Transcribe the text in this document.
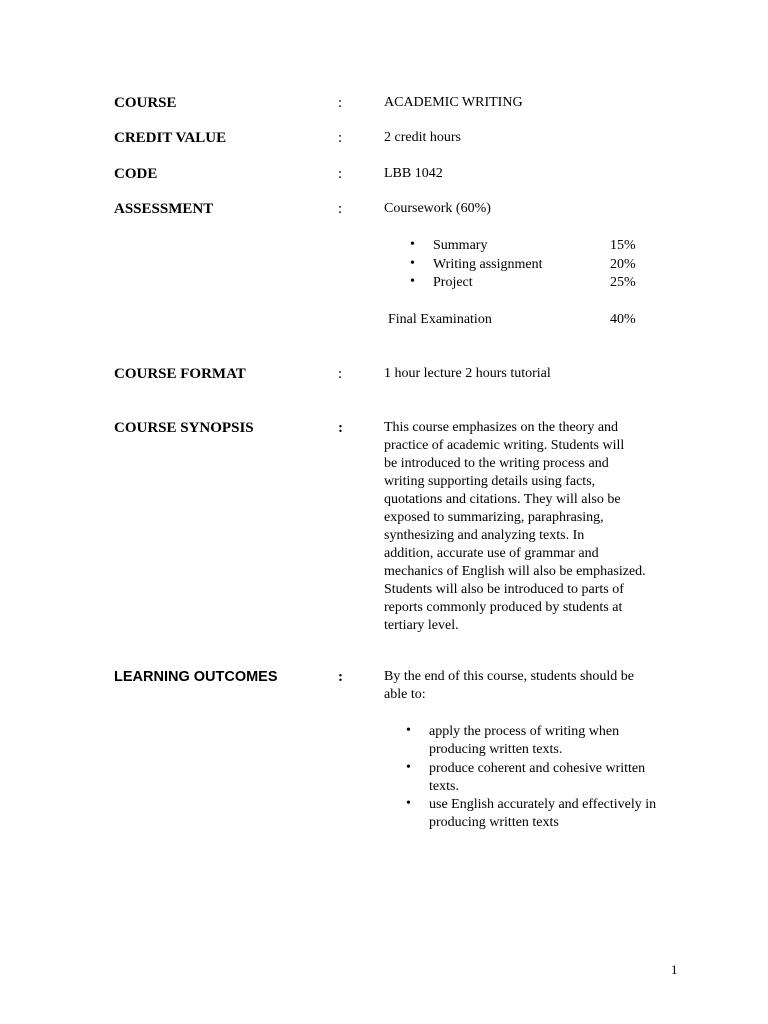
COURSE	:	ACADEMIC WRITING
CREDIT VALUE	:	2 credit hours
CODE	:	LBB 1042
ASSESSMENT	:	Coursework (60%)
• Summary	15%
• Writing assignment	20%
• Project	25%
Final Examination	40%
COURSE FORMAT	:	1 hour lecture 2 hours tutorial
COURSE SYNOPSIS	:	This course emphasizes on the theory and
practice of academic writing. Students will
be introduced to the writing process and
writing supporting details using facts,
quotations and citations. They will also be
exposed to summarizing, paraphrasing,
synthesizing and analyzing texts. In
addition, accurate use of grammar and
mechanics of English will also be emphasized.
Students will also be introduced to parts of
reports commonly produced by students at
tertiary level.
LEARNING OUTCOMES	:	By the end of this course, students should be
able to:
• apply the process of writing when
producing written texts.
• produce coherent and cohesive written
texts.
• use English accurately and effectively in
producing written texts
1
